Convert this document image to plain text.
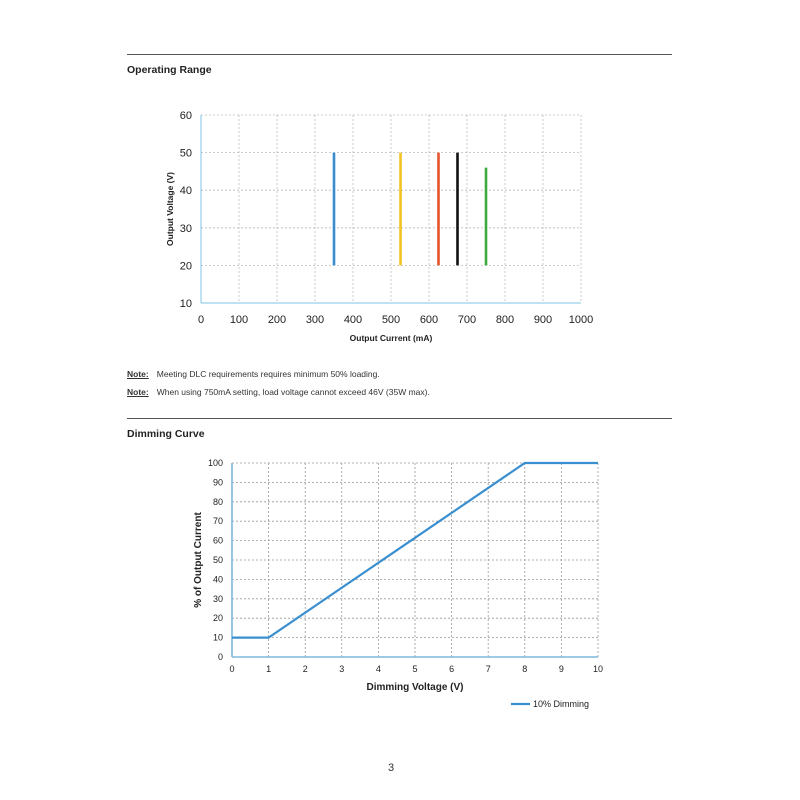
Operating Range
0 100 200 300 400 500 600 700 800 900 1000
10
20
30
40
50
60
Output Current (mA)
Output Voltage (V)
Note: Meeting DLC requirements requires minimum 50% loading.
Note: When using 750mA setting, load voltage cannot exceed 46V (35W max).
Dimming Curve
0	1	2	3	4	5	6	7	8	9	10
0
10
20
30
40
50
60
70
80
90
100
Dimming Voltage (V)
% of Output Current
10% Dimming
3
